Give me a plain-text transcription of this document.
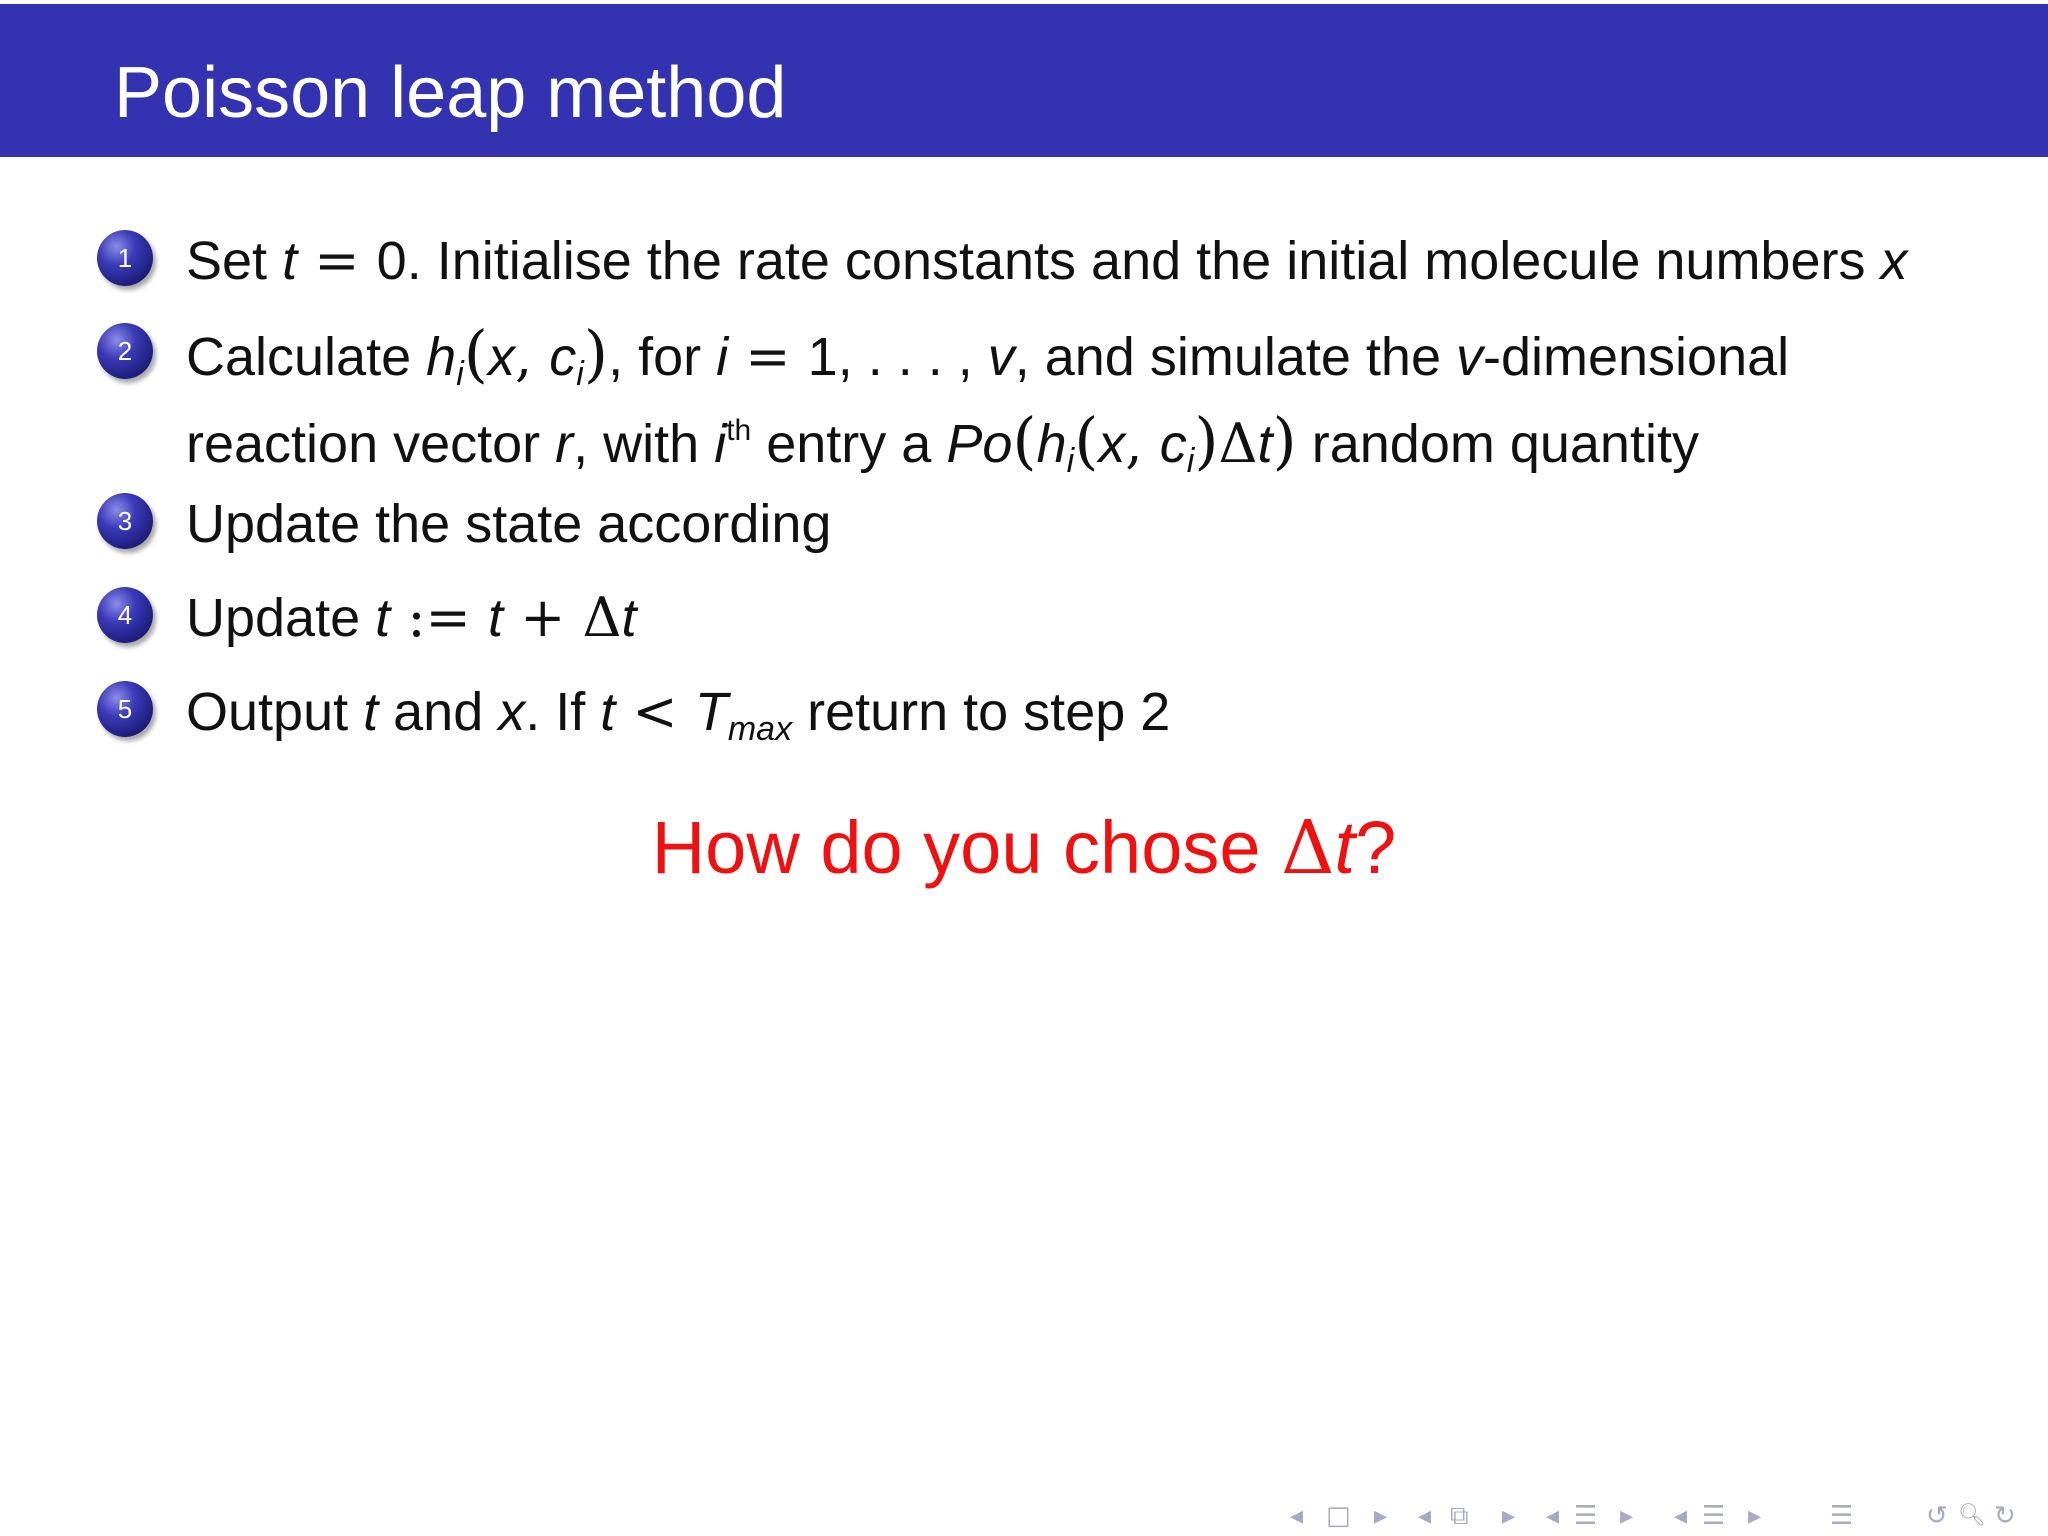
Poisson leap method
1 Set t = 0. Initialise the rate constants and the initial molecule numbers x
2 Calculate $h_i(x$, $c_i$), for i = 1, . . . , v, and simulate the v-dimensional
reaction vector r, with $i^{th}$ entry a $Po(h_i(x$, $c_i)\Delta t$) random quantity
3 Update the state according
4 Update t := t + Δt
5 Output t and x. If $t < T_{max}$ return to step 2
How do you chose Δt?
◂ □ ▸ ◂ ⧉ ▸ ◂ ☰ ▸ ◂ ☰ ▸	☰	↺ 🔍︎ ↻
